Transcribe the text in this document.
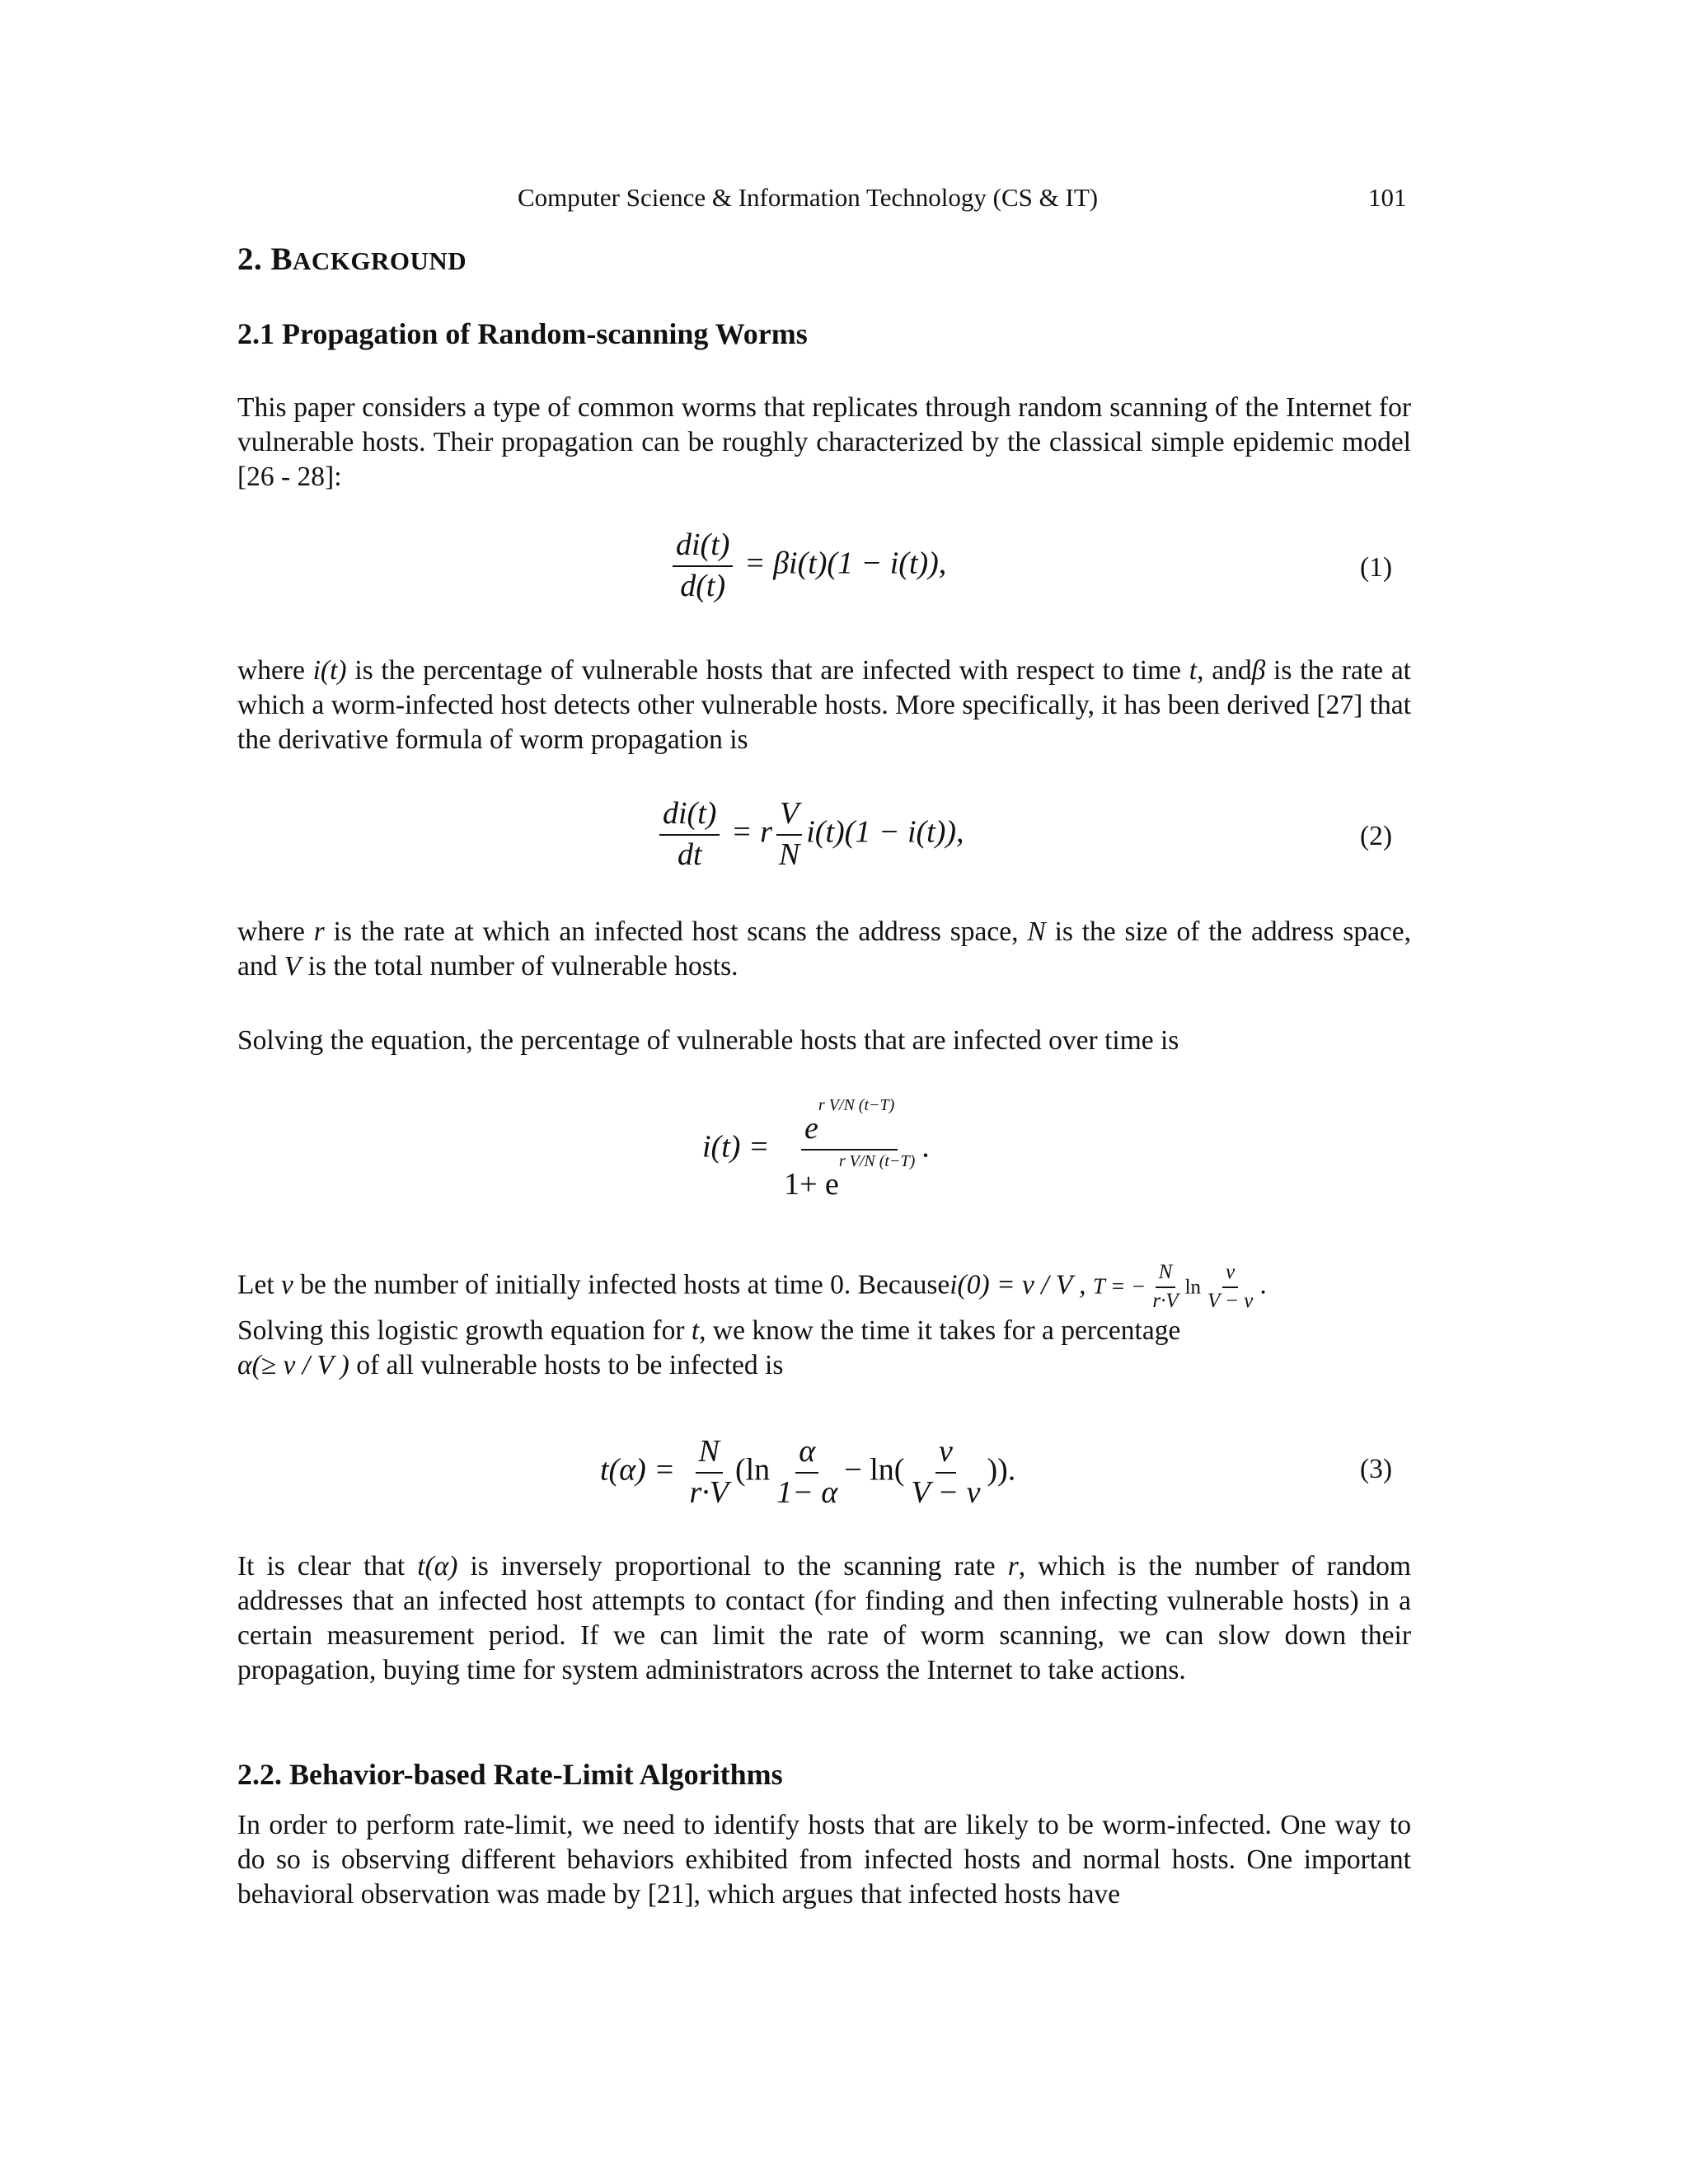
Computer Science & Information Technology (CS & IT)	101
2. BACKGROUND
2.1 Propagation of Random-scanning Worms
This paper considers a type of common worms that replicates through random scanning of the Internet for vulnerable hosts. Their propagation can be roughly characterized by the classical simple epidemic model [26 - 28]:
$\frac{di(t)}{d(t)} = \beta i(t)(1 - i(t))$,	(1)
where i(t) is the percentage of vulnerable hosts that are infected with respect to time t, andβ is the rate at which a worm-infected host detects other vulnerable hosts. More specifically, it has been derived [27] that the derivative formula of worm propagation is
$\frac{di(t)}{dt} = r \frac{V}{N} i(t)(1 - i(t))$,	(2)
where r is the rate at which an infected host scans the address space, N is the size of the address space, and V is the total number of vulnerable hosts.
Solving the equation, the percentage of vulnerable hosts that are infected over time is
$i(t) = \frac{e^{r V/N (t-T)}}{1+ e^{r V/N (t-T)}}$ .
Let v be the number of initially infected hosts at time 0. Becausei(0) = v / V , T = − $\frac{N}{r\cdot V}$ $\ln \frac{v}{V - v}$ .
Solving this logistic growth equation for t, we know the time it takes for a percentage
α(≥ v / V ) of all vulnerable hosts to be infected is
$t(\alpha) = \frac{N}{r\cdot V} (\ln \frac{\alpha}{1- \alpha} - \ln( \frac{v}{V - v}$ )).	(3)
It is clear that t(α) is inversely proportional to the scanning rate r, which is the number of random addresses that an infected host attempts to contact (for finding and then infecting vulnerable hosts) in a certain measurement period. If we can limit the rate of worm scanning, we can slow down their propagation, buying time for system administrators across the Internet to take actions.
2.2. Behavior-based Rate-Limit Algorithms
In order to perform rate-limit, we need to identify hosts that are likely to be worm-infected. One way to do so is observing different behaviors exhibited from infected hosts and normal hosts. One important behavioral observation was made by [21], which argues that infected hosts have
